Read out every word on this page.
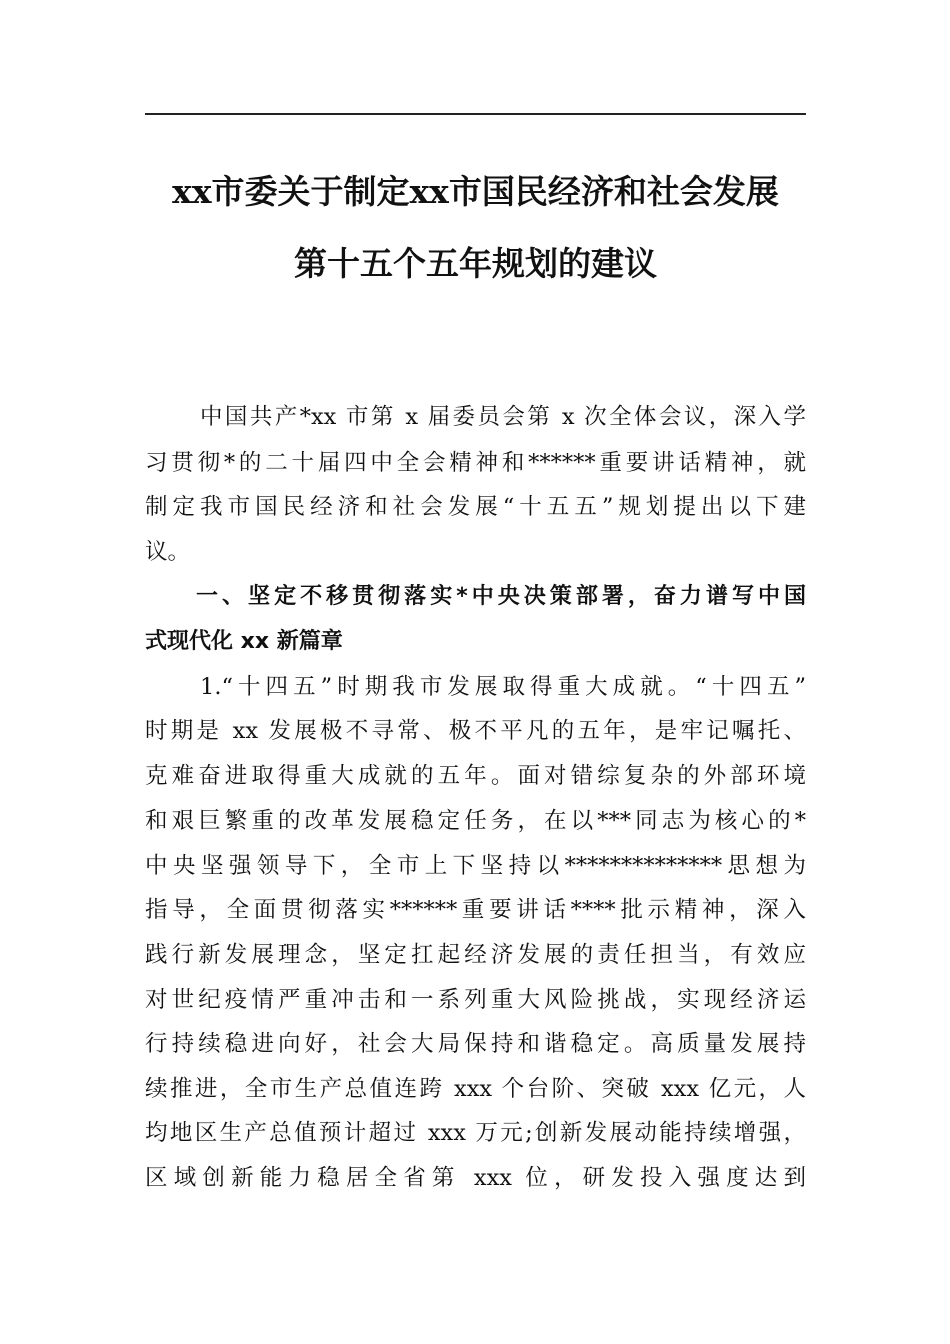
xx市委关于制定xx市国民经济和社会发展
第十五个五年规划的建议
中国共产*xx 市第 x 届委员会第 x 次全体会议，深入学
习贯彻*的二十届四中全会精神和******重要讲话精神，就
制定我市国民经济和社会发展“十五五”规划提出以下建
议。
一、坚定不移贯彻落实*中央决策部署，奋力谱写中国
式现代化 xx 新篇章
1.“十四五”时期我市发展取得重大成就。“十四五”
时期是 xx 发展极不寻常、极不平凡的五年，是牢记嘱托、
克难奋进取得重大成就的五年。面对错综复杂的外部环境
和艰巨繁重的改革发展稳定任务，在以***同志为核心的*
中央坚强领导下，全市上下坚持以**************思想为
指导，全面贯彻落实******重要讲话****批示精神，深入
践行新发展理念，坚定扛起经济发展的责任担当，有效应
对世纪疫情严重冲击和一系列重大风险挑战，实现经济运
行持续稳进向好，社会大局保持和谐稳定。高质量发展持
续推进，全市生产总值连跨 xxx 个台阶、突破 xxx 亿元，人
均地区生产总值预计超过 xxx 万元;创新发展动能持续增强，
区域创新能力稳居全省第 xxx 位，研发投入强度达到
